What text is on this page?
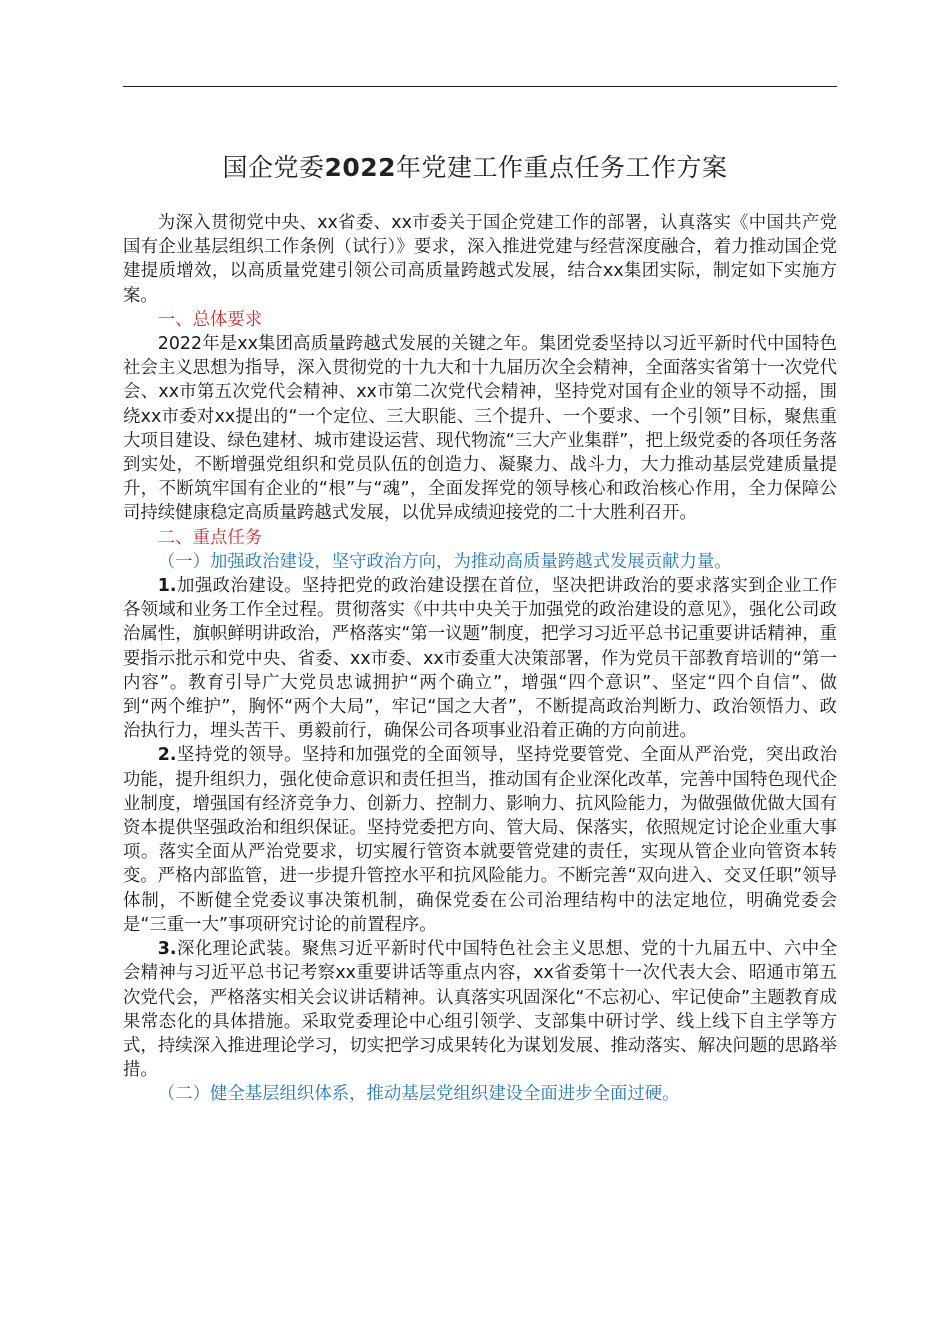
国企党委2022年党建工作重点任务工作方案

为深入贯彻党中央、xx省委、xx市委关于国企党建工作的部署，认真落实《中国共产党国有企业基层组织工作条例（试行）》要求，深入推进党建与经营深度融合，着力推动国企党建提质增效，以高质量党建引领公司高质量跨越式发展，结合xx集团实际，制定如下实施方案。

一、总体要求

2022年是xx集团高质量跨越式发展的关键之年。集团党委坚持以习近平新时代中国特色社会主义思想为指导，深入贯彻党的十九大和十九届历次全会精神，全面落实省第十一次党代会、xx市第五次党代会精神、xx市第二次党代会精神，坚持党对国有企业的领导不动摇，围绕xx市委对xx提出的“一个定位、三大职能、三个提升、一个要求、一个引领”目标，聚焦重大项目建设、绿色建材、城市建设运营、现代物流“三大产业集群”，把上级党委的各项任务落到实处，不断增强党组织和党员队伍的创造力、凝聚力、战斗力，大力推动基层党建质量提升，不断筑牢国有企业的“根”与“魂”，全面发挥党的领导核心和政治核心作用，全力保障公司持续健康稳定高质量跨越式发展，以优异成绩迎接党的二十大胜利召开。

二、重点任务

（一）加强政治建设，坚守政治方向，为推动高质量跨越式发展贡献力量。

1.加强政治建设。坚持把党的政治建设摆在首位，坚决把讲政治的要求落实到企业工作各领域和业务工作全过程。贯彻落实《中共中央关于加强党的政治建设的意见》，强化公司政治属性，旗帜鲜明讲政治，严格落实“第一议题”制度，把学习习近平总书记重要讲话精神，重要指示批示和党中央、省委、xx市委、xx市委重大决策部署，作为党员干部教育培训的“第一内容”。教育引导广大党员忠诚拥护“两个确立”，增强“四个意识”、坚定“四个自信”、做到“两个维护”，胸怀“两个大局”，牢记“国之大者”，不断提高政治判断力、政治领悟力、政治执行力，埋头苦干、勇毅前行，确保公司各项事业沿着正确的方向前进。

2.坚持党的领导。坚持和加强党的全面领导，坚持党要管党、全面从严治党，突出政治功能，提升组织力，强化使命意识和责任担当，推动国有企业深化改革，完善中国特色现代企业制度，增强国有经济竞争力、创新力、控制力、影响力、抗风险能力，为做强做优做大国有资本提供坚强政治和组织保证。坚持党委把方向、管大局、保落实，依照规定讨论企业重大事项。落实全面从严治党要求，切实履行管资本就要管党建的责任，实现从管企业向管资本转变。严格内部监管，进一步提升管控水平和抗风险能力。不断完善“双向进入、交叉任职”领导体制，不断健全党委议事决策机制，确保党委在公司治理结构中的法定地位，明确党委会是“三重一大”事项研究讨论的前置程序。

3.深化理论武装。聚焦习近平新时代中国特色社会主义思想、党的十九届五中、六中全会精神与习近平总书记考察xx重要讲话等重点内容，xx省委第十一次代表大会、昭通市第五次党代会，严格落实相关会议讲话精神。认真落实巩固深化“不忘初心、牢记使命”主题教育成果常态化的具体措施。采取党委理论中心组引领学、支部集中研讨学、线上线下自主学等方式，持续深入推进理论学习，切实把学习成果转化为谋划发展、推动落实、解决问题的思路举措。

（二）健全基层组织体系，推动基层党组织建设全面进步全面过硬。
